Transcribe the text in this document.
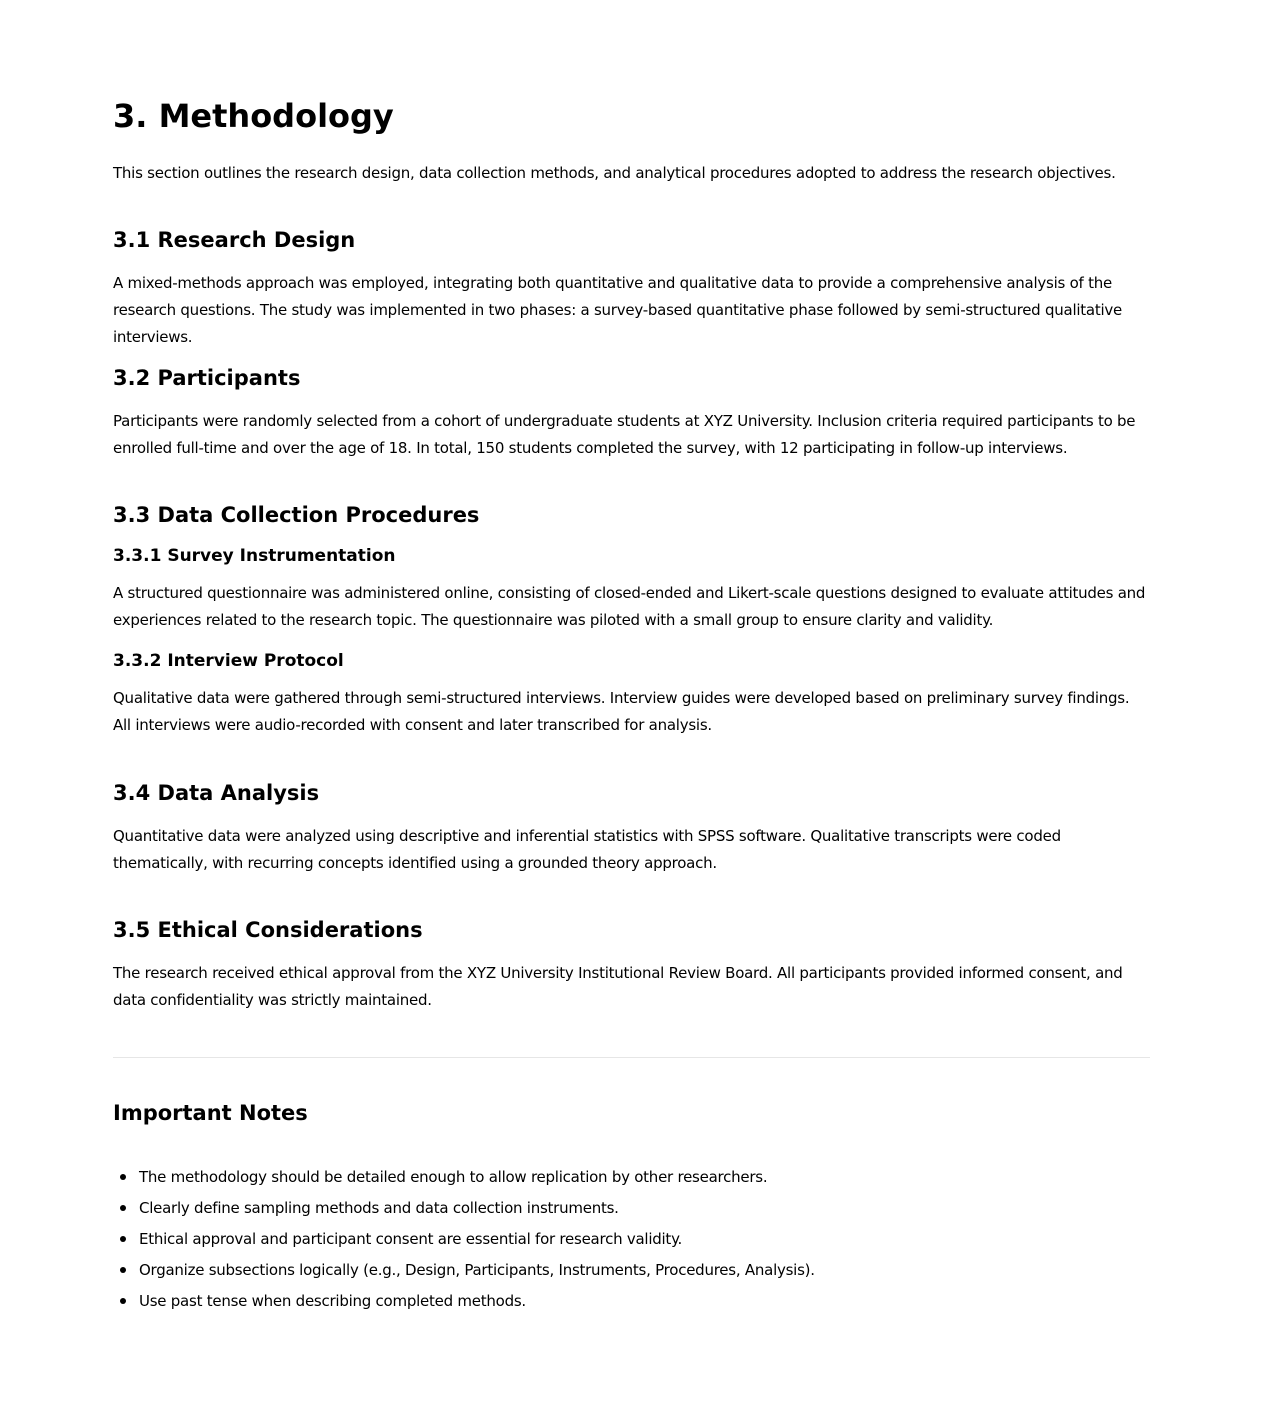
3. Methodology

This section outlines the research design, data collection methods, and analytical procedures adopted to address the research objectives.

3.1 Research Design

A mixed-methods approach was employed, integrating both quantitative and qualitative data to provide a comprehensive analysis of the research questions. The study was implemented in two phases: a survey-based quantitative phase followed by semi-structured qualitative interviews.

3.2 Participants

Participants were randomly selected from a cohort of undergraduate students at XYZ University. Inclusion criteria required participants to be enrolled full-time and over the age of 18. In total, 150 students completed the survey, with 12 participating in follow-up interviews.

3.3 Data Collection Procedures
3.3.1 Survey Instrumentation

A structured questionnaire was administered online, consisting of closed-ended and Likert-scale questions designed to evaluate attitudes and experiences related to the research topic. The questionnaire was piloted with a small group to ensure clarity and validity.

3.3.2 Interview Protocol

Qualitative data were gathered through semi-structured interviews. Interview guides were developed based on preliminary survey findings. All interviews were audio-recorded with consent and later transcribed for analysis.

3.4 Data Analysis

Quantitative data were analyzed using descriptive and inferential statistics with SPSS software. Qualitative transcripts were coded thematically, with recurring concepts identified using a grounded theory approach.

3.5 Ethical Considerations

The research received ethical approval from the XYZ University Institutional Review Board. All participants provided informed consent, and data confidentiality was strictly maintained.

Important Notes
The methodology should be detailed enough to allow replication by other researchers.
Clearly define sampling methods and data collection instruments.
Ethical approval and participant consent are essential for research validity.
Organize subsections logically (e.g., Design, Participants, Instruments, Procedures, Analysis).
Use past tense when describing completed methods.
